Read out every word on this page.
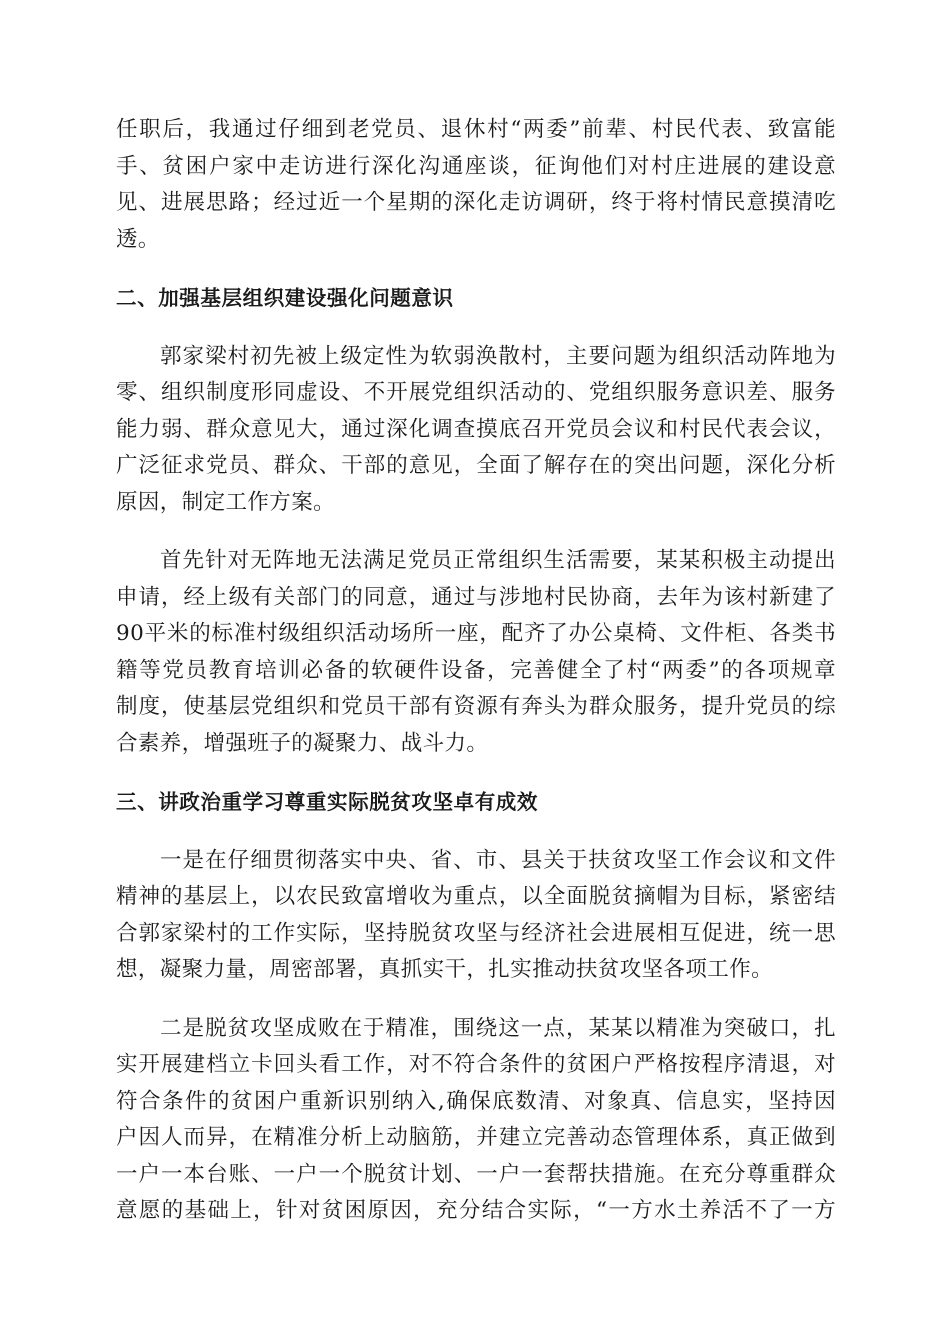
任职后，我通过仔细到老党员、退休村“两委”前辈、村民代表、致富能
手、贫困户家中走访进行深化沟通座谈，征询他们对村庄进展的建设意
见、进展思路；经过近一个星期的深化走访调研，终于将村情民意摸清吃
透。
二、加强基层组织建设强化问题意识
郭家梁村初先被上级定性为软弱涣散村，主要问题为组织活动阵地为
零、组织制度形同虚设、不开展党组织活动的、党组织服务意识差、服务
能力弱、群众意见大，通过深化调查摸底召开党员会议和村民代表会议，
广泛征求党员、群众、干部的意见，全面了解存在的突出问题，深化分析
原因，制定工作方案。
首先针对无阵地无法满足党员正常组织生活需要，某某积极主动提出
申请，经上级有关部门的同意，通过与涉地村民协商，去年为该村新建了
90平米的标准村级组织活动场所一座，配齐了办公桌椅、文件柜、各类书
籍等党员教育培训必备的软硬件设备，完善健全了村“两委”的各项规章
制度，使基层党组织和党员干部有资源有奔头为群众服务，提升党员的综
合素养，增强班子的凝聚力、战斗力。
三、讲政治重学习尊重实际脱贫攻坚卓有成效
一是在仔细贯彻落实中央、省、市、县关于扶贫攻坚工作会议和文件
精神的基层上，以农民致富增收为重点，以全面脱贫摘帽为目标，紧密结
合郭家梁村的工作实际，坚持脱贫攻坚与经济社会进展相互促进，统一思
想，凝聚力量，周密部署，真抓实干，扎实推动扶贫攻坚各项工作。
二是脱贫攻坚成败在于精准，围绕这一点，某某以精准为突破口，扎
实开展建档立卡回头看工作，对不符合条件的贫困户严格按程序清退，对
符合条件的贫困户重新识别纳入,确保底数清、对象真、信息实，坚持因
户因人而异，在精准分析上动脑筋，并建立完善动态管理体系，真正做到
一户一本台账、一户一个脱贫计划、一户一套帮扶措施。在充分尊重群众
意愿的基础上，针对贫困原因，充分结合实际，“一方水土养活不了一方
